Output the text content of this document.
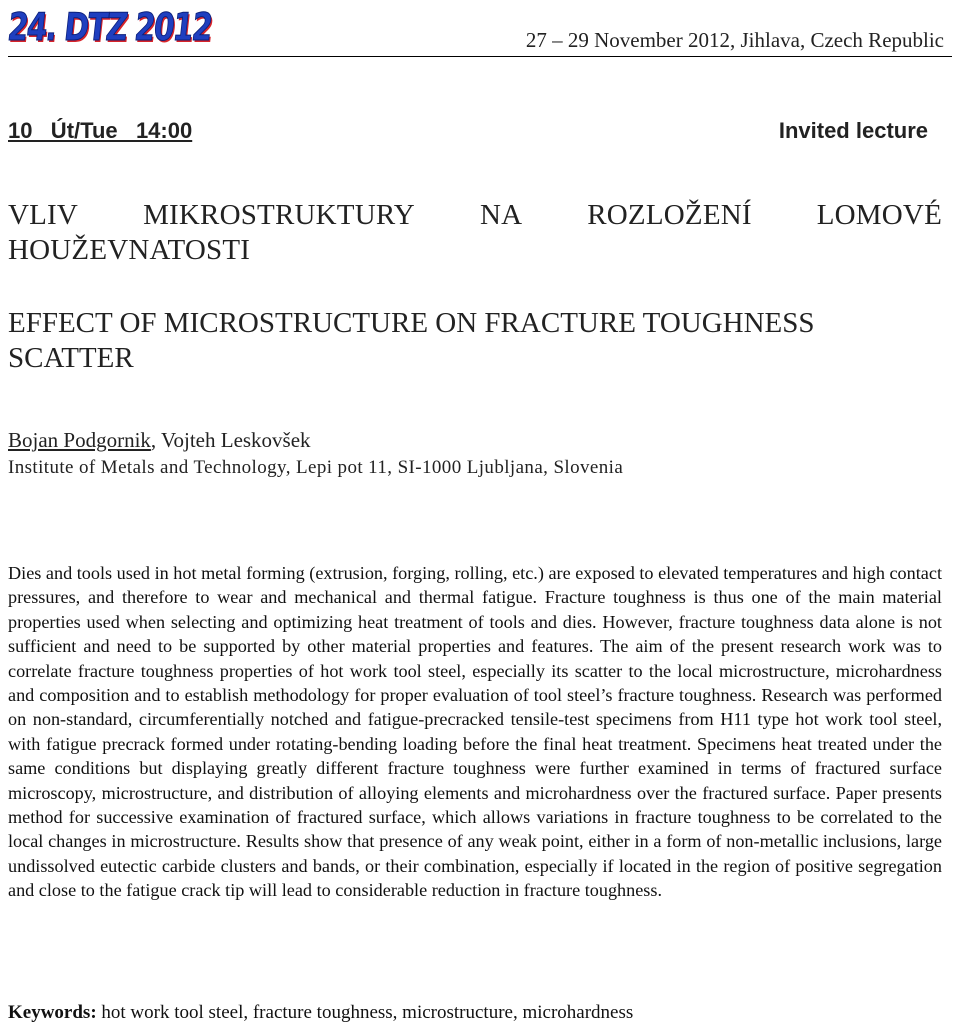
24. DTZ 2012	27 – 29 November 2012, Jihlava, Czech Republic
10   Út/Tue   14:00	Invited lecture
VLIV MIKROSTRUKTURY NA ROZLOŽENÍ LOMOVÉ
HOUŽEVNATOSTI
EFFECT OF MICROSTRUCTURE ON FRACTURE TOUGHNESS SCATTER
Bojan Podgornik, Vojteh Leskovšek
Institute of Metals and Technology, Lepi pot 11, SI-1000 Ljubljana, Slovenia
Dies and tools used in hot metal forming (extrusion, forging, rolling, etc.) are exposed to elevated temperatures and high contact pressures, and therefore to wear and mechanical and thermal fatigue. Fracture toughness is thus one of the main material properties used when selecting and optimizing heat treatment of tools and dies. However, fracture toughness data alone is not sufficient and need to be supported by other material properties and features. The aim of the present research work was to correlate fracture toughness properties of hot work tool steel, especially its scatter to the local microstructure, microhardness and composition and to establish methodology for proper evaluation of tool steel’s fracture toughness. Research was performed on non-standard, circumferentially notched and fatigue-precracked tensile-test specimens from H11 type hot work tool steel, with fatigue precrack formed under rotating-bending loading before the final heat treatment. Specimens heat treated under the same conditions but displaying greatly different fracture toughness were further examined in terms of fractured surface microscopy, microstructure, and distribution of alloying elements and microhardness over the fractured surface. Paper presents method for successive examination of fractured surface, which allows variations in fracture toughness to be correlated to the local changes in microstructure. Results show that presence of any weak point, either in a form of non-metallic inclusions, large undissolved eutectic carbide clusters and bands, or their combination, especially if located in the region of positive segregation and close to the fatigue crack tip will lead to considerable reduction in fracture toughness.
Keywords: hot work tool steel, fracture toughness, microstructure, microhardness
